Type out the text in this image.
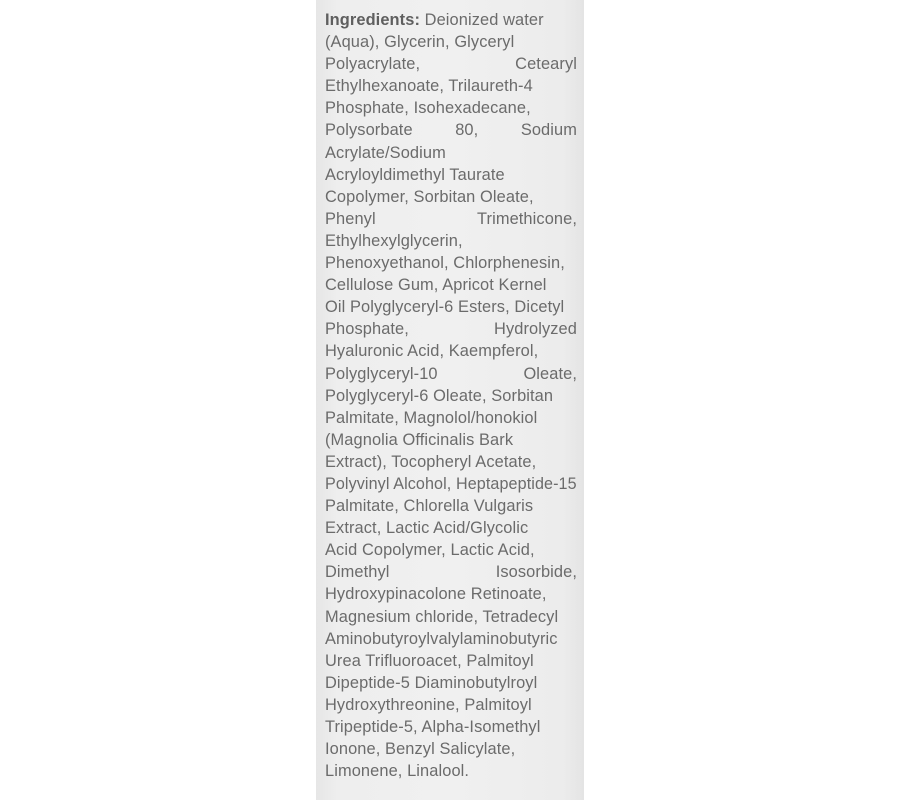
Ingredients: Deionized water
(Aqua), Glycerin, Glyceryl
Polyacrylate, Cetearyl
Ethylhexanoate, Trilaureth-4
Phosphate, Isohexadecane,
Polysorbate 80, Sodium
Acrylate/Sodium
Acryloyldimethyl Taurate
Copolymer, Sorbitan Oleate,
Phenyl Trimethicone,
Ethylhexylglycerin,
Phenoxyethanol, Chlorphenesin,
Cellulose Gum, Apricot Kernel
Oil Polyglyceryl-6 Esters, Dicetyl
Phosphate, Hydrolyzed
Hyaluronic Acid, Kaempferol,
Polyglyceryl-10 Oleate,
Polyglyceryl-6 Oleate, Sorbitan
Palmitate, Magnolol/honokiol
(Magnolia Officinalis Bark
Extract), Tocopheryl Acetate,
Polyvinyl Alcohol, Heptapeptide-15
Palmitate, Chlorella Vulgaris
Extract, Lactic Acid/Glycolic
Acid Copolymer, Lactic Acid,
Dimethyl Isosorbide,
Hydroxypinacolone Retinoate,
Magnesium chloride, Tetradecyl
Aminobutyroylvalylaminobutyric
Urea Trifluoroacet, Palmitoyl
Dipeptide-5 Diaminobutylroyl
Hydroxythreonine, Palmitoyl
Tripeptide-5, Alpha-Isomethyl
Ionone, Benzyl Salicylate,
Limonene, Linalool.
